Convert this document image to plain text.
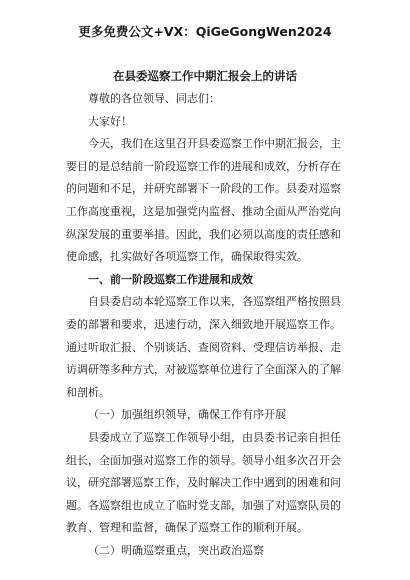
更多免费公文+VX：QiGeGongWen2024
在县委巡察工作中期汇报会上的讲话
尊敬的各位领导、同志们：
大家好！
今天，我们在这里召开县委巡察工作中期汇报会，主
要目的是总结前一阶段巡察工作的进展和成效，分析存在
的问题和不足，并研究部署下一阶段的工作。县委对巡察
工作高度重视，这是加强党内监督、推动全面从严治党向
纵深发展的重要举措。因此，我们必须以高度的责任感和
使命感，扎实做好各项巡察工作，确保取得实效。
一、前一阶段巡察工作进展和成效
自县委启动本轮巡察工作以来，各巡察组严格按照县
委的部署和要求，迅速行动，深入细致地开展巡察工作。
通过听取汇报、个别谈话、查阅资料、受理信访举报、走
访调研等多种方式，对被巡察单位进行了全面深入的了解
和剖析。
（一）加强组织领导，确保工作有序开展
县委成立了巡察工作领导小组，由县委书记亲自担任
组长，全面加强对巡察工作的领导。领导小组多次召开会
议，研究部署巡察工作，及时解决工作中遇到的困难和问
题。各巡察组也成立了临时党支部，加强了对巡察队员的
教育、管理和监督，确保了巡察工作的顺利开展。
（二）明确巡察重点，突出政治巡察
